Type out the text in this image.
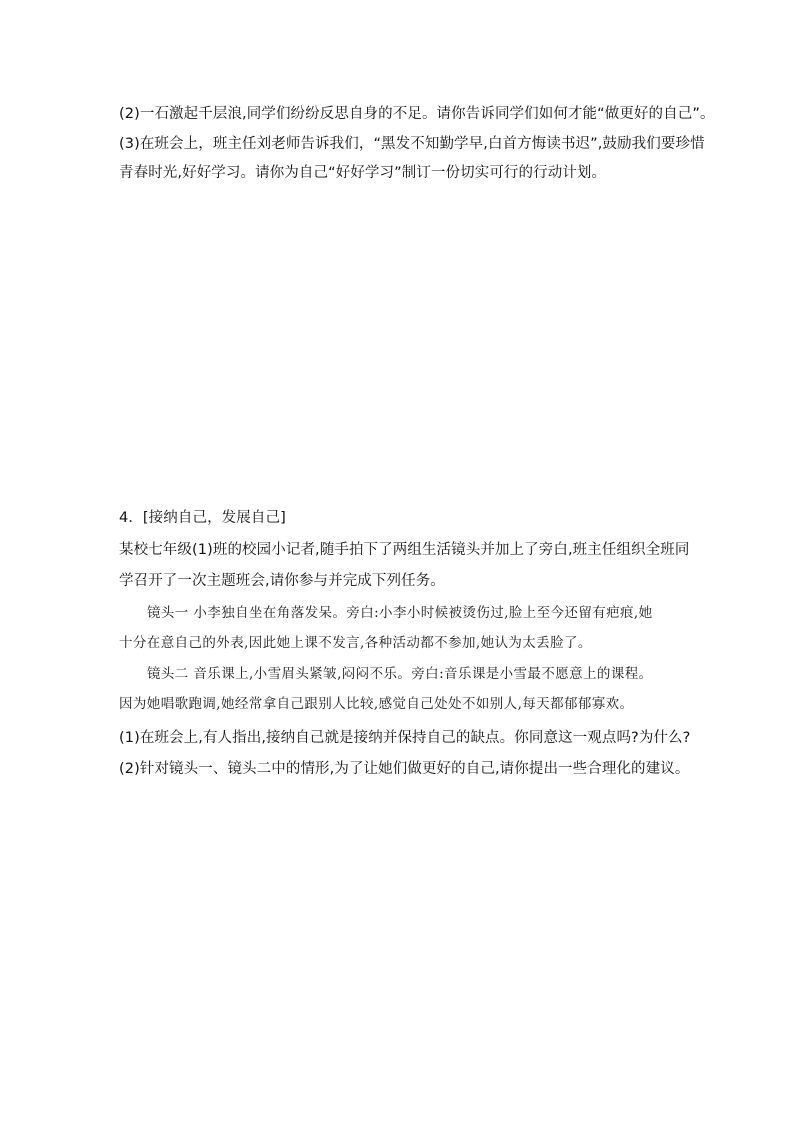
(2)一石激起千层浪,同学们纷纷反思自身的不足。请你告诉同学们如何才能“做更好的自己”。
(3)在班会上，班主任刘老师告诉我们，“黑发不知勤学早,白首方悔读书迟”,鼓励我们要珍惜
青春时光,好好学习。请你为自己“好好学习”制订一份切实可行的行动计划。
4．[接纳自己，发展自己]
某校七年级(1)班的校园小记者,随手拍下了两组生活镜头并加上了旁白,班主任组织全班同
学召开了一次主题班会,请你参与并完成下列任务。
镜头一 小李独自坐在角落发呆。旁白:小李小时候被烫伤过,脸上至今还留有疤痕,她
十分在意自己的外表,因此她上课不发言,各种活动都不参加,她认为太丢脸了。
镜头二 音乐课上,小雪眉头紧皱,闷闷不乐。旁白:音乐课是小雪最不愿意上的课程。
因为她唱歌跑调,她经常拿自己跟别人比较,感觉自己处处不如别人,每天都郁郁寡欢。
(1)在班会上,有人指出,接纳自己就是接纳并保持自己的缺点。你同意这一观点吗?为什么?
(2)针对镜头一、镜头二中的情形,为了让她们做更好的自己,请你提出一些合理化的建议。
